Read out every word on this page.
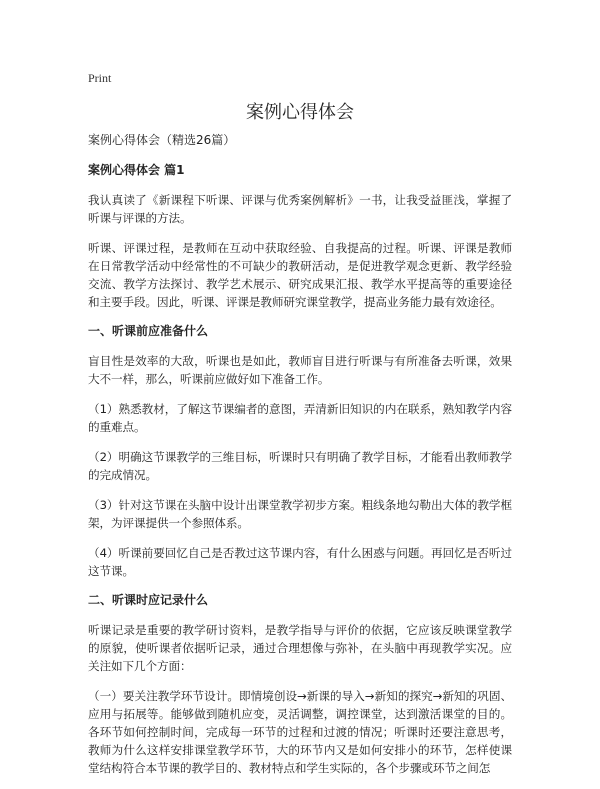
Print
案例心得体会
案例心得体会（精选26篇）
案例心得体会 篇1
我认真读了《新课程下听课、评课与优秀案例解析》一书，让我受益匪浅，掌握了听课与评课的方法。
听课、评课过程，是教师在互动中获取经验、自我提高的过程。听课、评课是教师在日常教学活动中经常性的不可缺少的教研活动，是促进教学观念更新、教学经验交流、教学方法探讨、教学艺术展示、研究成果汇报、教学水平提高等的重要途径和主要手段。因此，听课、评课是教师研究课堂教学，提高业务能力最有效途径。
一、听课前应准备什么
盲目性是效率的大敌，听课也是如此，教师盲目进行听课与有所准备去听课，效果大不一样，那么，听课前应做好如下准备工作。
（1）熟悉教材，了解这节课编者的意图，弄清新旧知识的内在联系，熟知教学内容的重难点。
（2）明确这节课教学的三维目标，听课时只有明确了教学目标，才能看出教师教学的完成情况。
（3）针对这节课在头脑中设计出课堂教学初步方案。粗线条地勾勒出大体的教学框架，为评课提供一个参照体系。
（4）听课前要回忆自己是否教过这节课内容，有什么困惑与问题。再回忆是否听过这节课。
二、听课时应记录什么
听课记录是重要的教学研讨资料，是教学指导与评价的依据，它应该反映课堂教学的原貌，使听课者依据听记录，通过合理想像与弥补，在头脑中再现教学实况。应关注如下几个方面：
（一）要关注教学环节设计。即情境创设→新课的导入→新知的探究→新知的巩固、应用与拓展等。能够做到随机应变，灵活调整，调控课堂，达到激活课堂的目的。各环节如何控制时间，完成每一环节的过程和过渡的情况；听课时还要注意思考，教师为什么这样安排课堂教学环节，大的环节内又是如何安排小的环节，怎样使课堂结构符合本节课的教学目的、教材特点和学生实际的，各个步骤或环节之间怎
